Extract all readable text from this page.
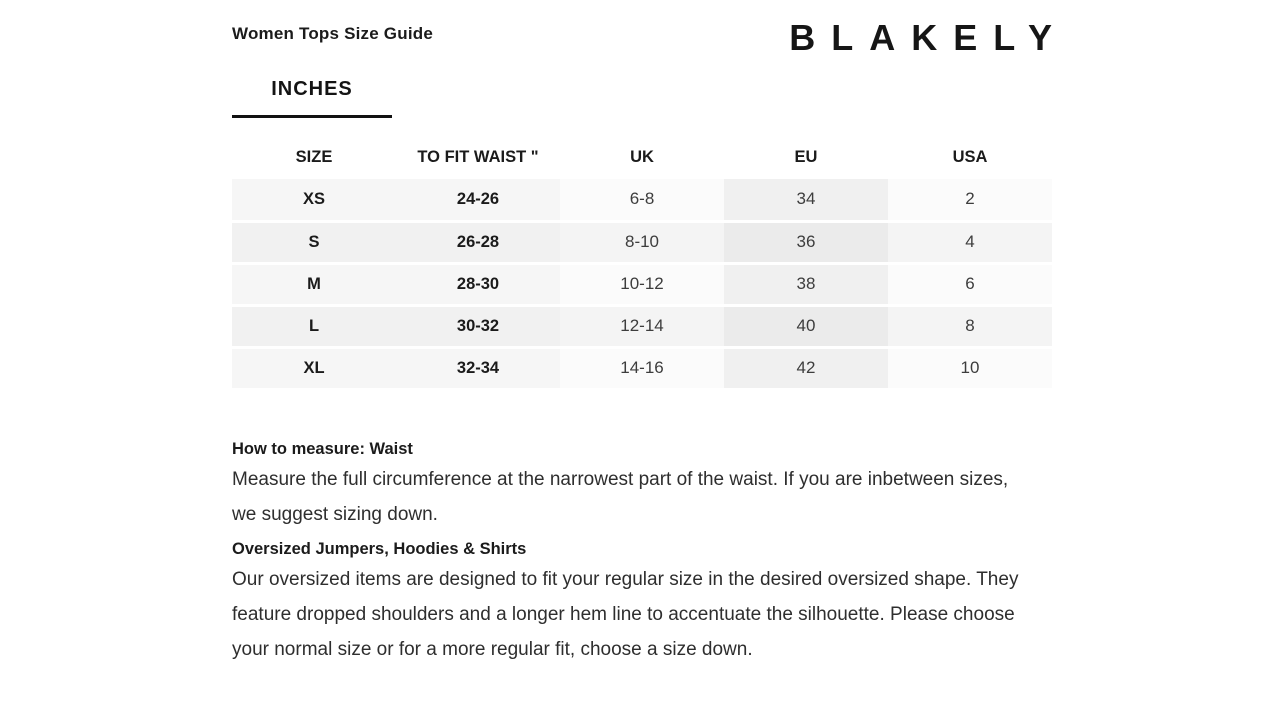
Women Tops Size Guide	BLAKELY
INCHES
SIZE	TO FIT WAIST "	UK	EU	USA
XS	24-26	6-8	34	2
S	26-28	8-10	36	4
M	28-30	10-12	38	6
L	30-32	12-14	40	8
XL	32-34	14-16	42	10

How to measure: Waist

Measure the full circumference at the narrowest part of the waist. If you are inbetween sizes, we suggest sizing down.

Oversized Jumpers, Hoodies & Shirts

Our oversized items are designed to fit your regular size in the desired oversized shape. They feature dropped shoulders and a longer hem line to accentuate the silhouette. Please choose your normal size or for a more regular fit, choose a size down.
